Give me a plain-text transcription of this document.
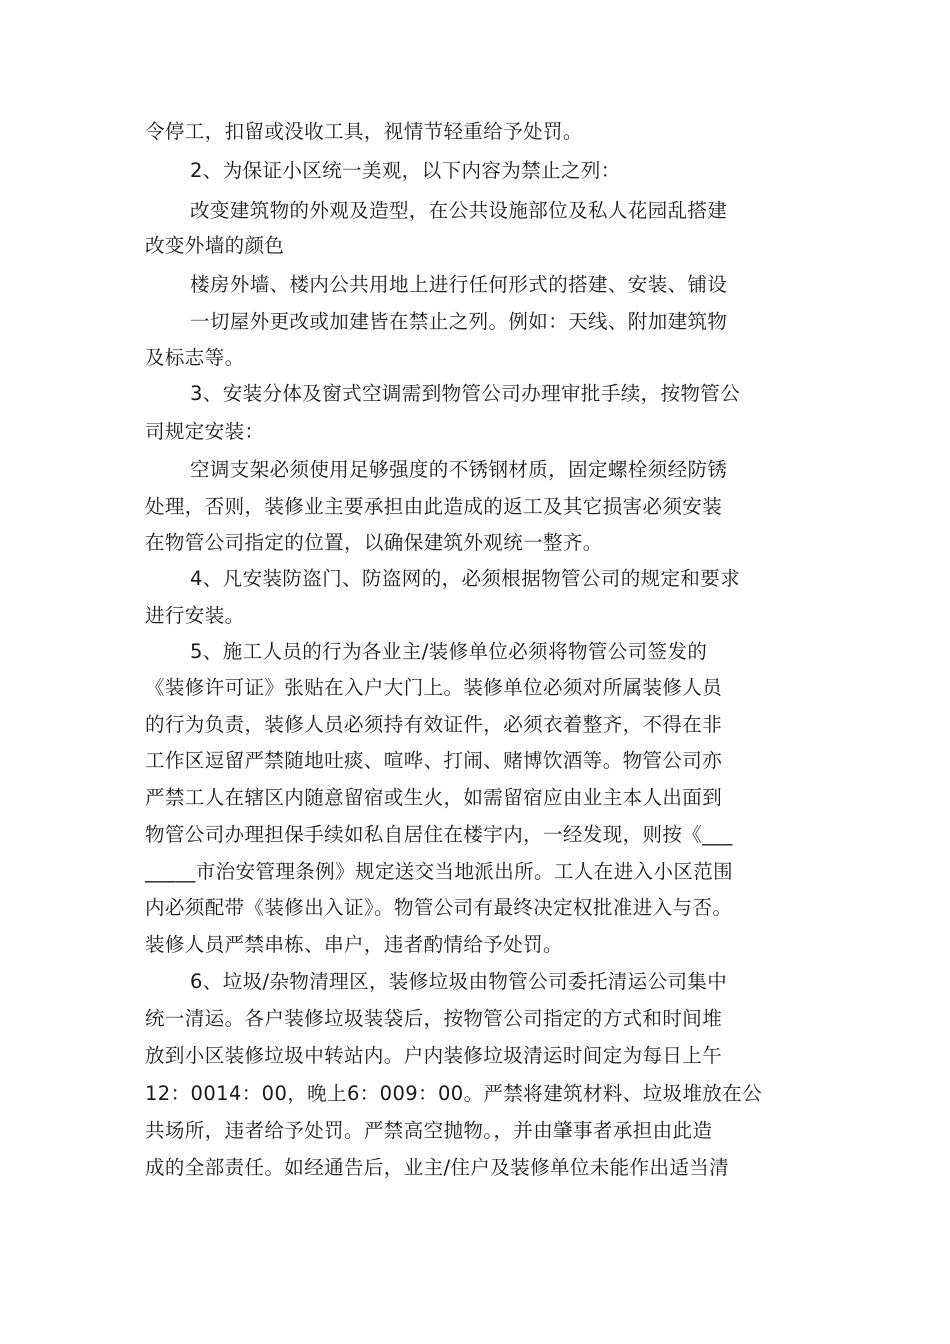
令停工，扣留或没收工具，视情节轻重给予处罚。
2、为保证小区统一美观，以下内容为禁止之列：
改变建筑物的外观及造型，在公共设施部位及私人花园乱搭建
改变外墙的颜色
楼房外墙、楼内公共用地上进行任何形式的搭建、安装、铺设
一切屋外更改或加建皆在禁止之列。例如：天线、附加建筑物
及标志等。
3、安装分体及窗式空调需到物管公司办理审批手续，按物管公
司规定安装：
空调支架必须使用足够强度的不锈钢材质，固定螺栓须经防锈
处理，否则，装修业主要承担由此造成的返工及其它损害必须安装
在物管公司指定的位置，以确保建筑外观统一整齐。
4、凡安装防盗门、防盗网的，必须根据物管公司的规定和要求
进行安装。
5、施工人员的行为各业主/装修单位必须将物管公司签发的
《装修许可证》张贴在入户大门上。装修单位必须对所属装修人员
的行为负责，装修人员必须持有效证件，必须衣着整齐，不得在非
工作区逗留严禁随地吐痰、喧哗、打闹、赌博饮酒等。物管公司亦
严禁工人在辖区内随意留宿或生火，如需留宿应由业主本人出面到
物管公司办理担保手续如私自居住在楼宇内，一经发现，则按《___
_____市治安管理条例》规定送交当地派出所。工人在进入小区范围
内必须配带《装修出入证》。物管公司有最终决定权批准进入与否。
装修人员严禁串栋、串户，违者酌情给予处罚。
6、垃圾/杂物清理区，装修垃圾由物管公司委托清运公司集中
统一清运。各户装修垃圾装袋后，按物管公司指定的方式和时间堆
放到小区装修垃圾中转站内。户内装修垃圾清运时间定为每日上午
12：0014：00，晚上6：009：00。严禁将建筑材料、垃圾堆放在公
共场所，违者给予处罚。严禁高空抛物。，并由肇事者承担由此造
成的全部责任。如经通告后，业主/住户及装修单位未能作出适当清
